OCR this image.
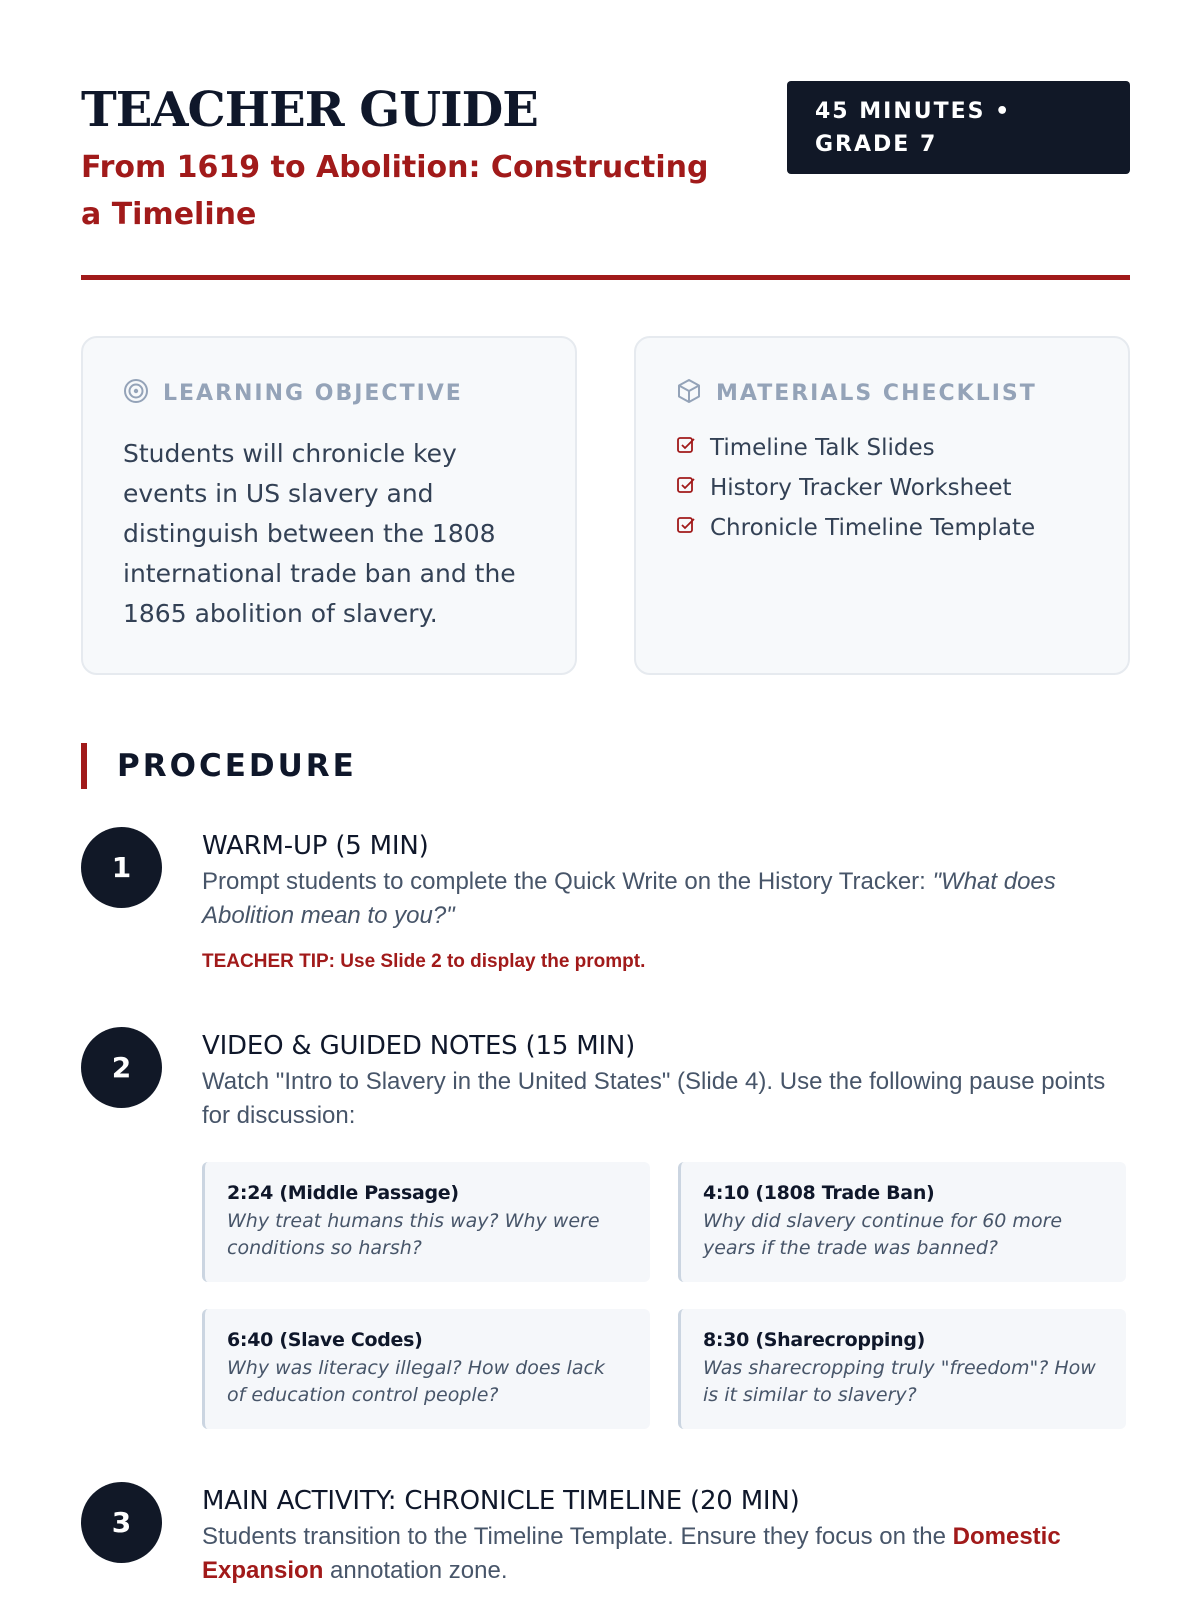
TEACHER GUIDE
From 1619 to Abolition: Constructing a Timeline
45 MINUTES •
GRADE 7
LEARNING OBJECTIVE
Students will chronicle key events in US slavery and distinguish between the 1808 international trade ban and the 1865 abolition of slavery.
MATERIALS CHECKLIST
Timeline Talk Slides
History Tracker Worksheet
Chronicle Timeline Template
PROCEDURE
1
WARM-UP (5 MIN)
Prompt students to complete the Quick Write on the History Tracker: "What does Abolition mean to you?"
TEACHER TIP: Use Slide 2 to display the prompt.
2
VIDEO & GUIDED NOTES (15 MIN)
Watch "Intro to Slavery in the United States" (Slide 4). Use the following pause points for discussion:
2:24 (Middle Passage)
Why treat humans this way? Why were conditions so harsh?
4:10 (1808 Trade Ban)
Why did slavery continue for 60 more years if the trade was banned?
6:40 (Slave Codes)
Why was literacy illegal? How does lack of education control people?
8:30 (Sharecropping)
Was sharecropping truly "freedom"? How is it similar to slavery?
3
MAIN ACTIVITY: CHRONICLE TIMELINE (20 MIN)
Students transition to the Timeline Template. Ensure they focus on the Domestic Expansion annotation zone.
